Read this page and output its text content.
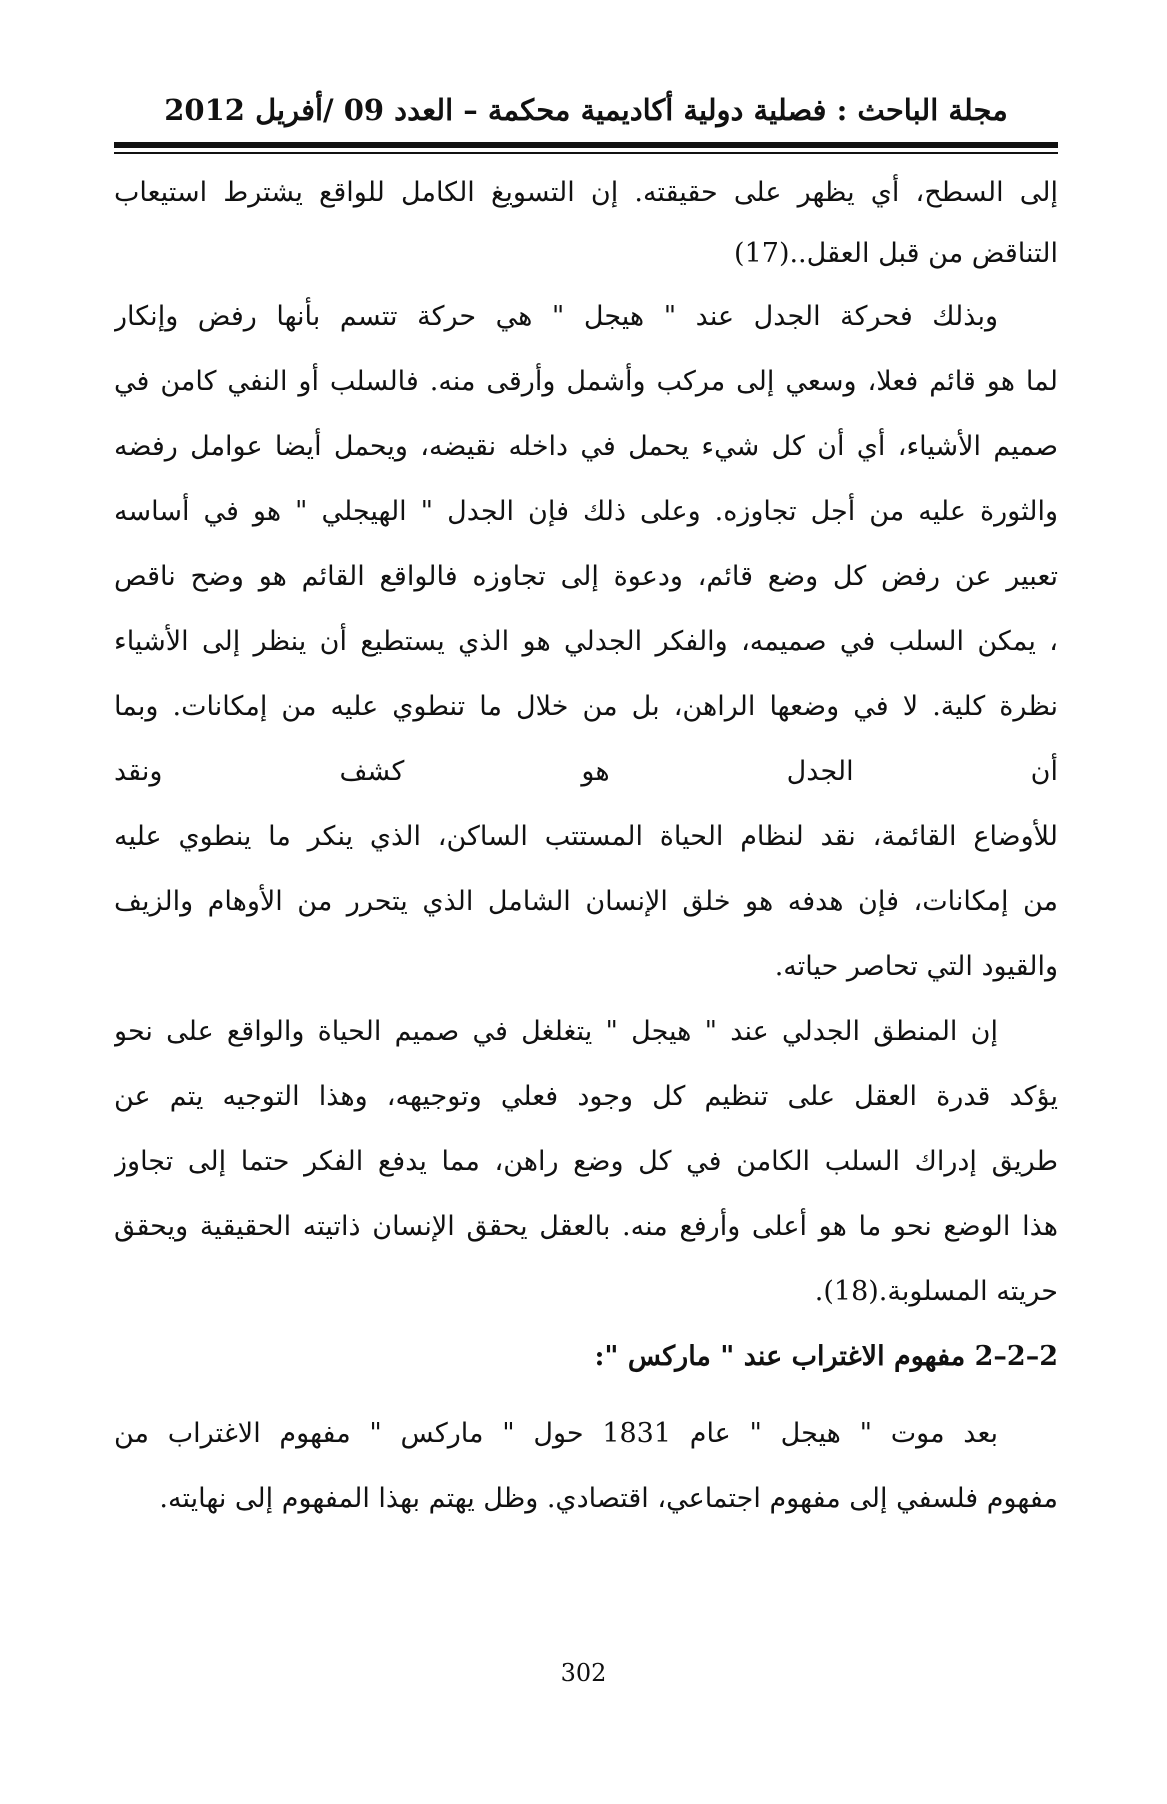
مجلة الباحث : فصلية دولية أكاديمية محكمة – العدد 09 /أفريل 2012
إلى السطح، أي يظهر على حقيقته. إن التسويغ الكامل للواقع يشترط استيعاب
التناقض من قبل العقل..(17)
وبذلك فحركة الجدل عند " هيجل " هي حركة تتسم بأنها رفض وإنكار
لما هو قائم فعلا، وسعي إلى مركب وأشمل وأرقى منه. فالسلب أو النفي كامن في
صميم الأشياء، أي أن كل شيء يحمل في داخله نقيضه، ويحمل أيضا عوامل رفضه
والثورة عليه من أجل تجاوزه. وعلى ذلك فإن الجدل " الهيجلي " هو في أساسه
تعبير عن رفض كل وضع قائم، ودعوة إلى تجاوزه فالواقع القائم هو وضح ناقص
، يمكن السلب في صميمه، والفكر الجدلي هو الذي يستطيع أن ينظر إلى الأشياء
نظرة كلية. لا في وضعها الراهن، بل من خلال ما تنطوي عليه من إمكانات. وبما
أن الجدل هو كشف ونقد
للأوضاع القائمة، نقد لنظام الحياة المستتب الساكن، الذي ينكر ما ينطوي عليه
من إمكانات، فإن هدفه هو خلق الإنسان الشامل الذي يتحرر من الأوهام والزيف
والقيود التي تحاصر حياته.
إن المنطق الجدلي عند " هيجل " يتغلغل في صميم الحياة والواقع على نحو
يؤكد قدرة العقل على تنظيم كل وجود فعلي وتوجيهه، وهذا التوجيه يتم عن
طريق إدراك السلب الكامن في كل وضع راهن، مما يدفع الفكر حتما إلى تجاوز
هذا الوضع نحو ما هو أعلى وأرفع منه. بالعقل يحقق الإنسان ذاتيته الحقيقية ويحقق
حريته المسلوبة.(18).
2–2–2 مفهوم الاغتراب عند " ماركس ":
بعد موت " هيجل " عام 1831 حول " ماركس " مفهوم الاغتراب من
مفهوم فلسفي إلى مفهوم اجتماعي، اقتصادي. وظل يهتم بهذا المفهوم إلى نهايته.
302
